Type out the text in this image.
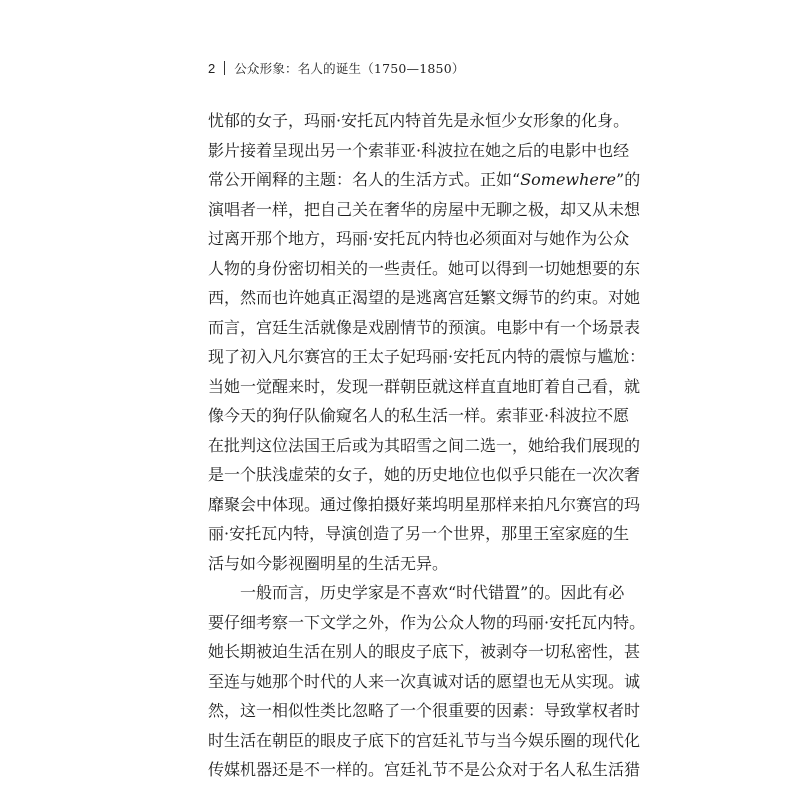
2 公众形象：名人的诞生（1750—1850）
忧郁的女子，玛丽·安托瓦内特首先是永恒少女形象的化身。
影片接着呈现出另一个索菲亚·科波拉在她之后的电影中也经
常公开阐释的主题：名人的生活方式。正如“Somewhere”的
演唱者一样，把自己关在奢华的房屋中无聊之极，却又从未想
过离开那个地方，玛丽·安托瓦内特也必须面对与她作为公众
人物的身份密切相关的一些责任。她可以得到一切她想要的东
西，然而也许她真正渴望的是逃离宫廷繁文缛节的约束。对她
而言，宫廷生活就像是戏剧情节的预演。电影中有一个场景表
现了初入凡尔赛宫的王太子妃玛丽·安托瓦内特的震惊与尴尬：
当她一觉醒来时，发现一群朝臣就这样直直地盯着自己看，就
像今天的狗仔队偷窥名人的私生活一样。索菲亚·科波拉不愿
在批判这位法国王后或为其昭雪之间二选一，她给我们展现的
是一个肤浅虚荣的女子，她的历史地位也似乎只能在一次次奢
靡聚会中体现。通过像拍摄好莱坞明星那样来拍凡尔赛宫的玛
丽·安托瓦内特，导演创造了另一个世界，那里王室家庭的生
活与如今影视圈明星的生活无异。
一般而言，历史学家是不喜欢“时代错置”的。因此有必
要仔细考察一下文学之外，作为公众人物的玛丽·安托瓦内特。
她长期被迫生活在别人的眼皮子底下，被剥夺一切私密性，甚
至连与她那个时代的人来一次真诚对话的愿望也无从实现。诚
然，这一相似性类比忽略了一个很重要的因素：导致掌权者时
时生活在朝臣的眼皮子底下的宫廷礼节与当今娱乐圈的现代化
传媒机器还是不一样的。宫廷礼节不是公众对于名人私生活猎
